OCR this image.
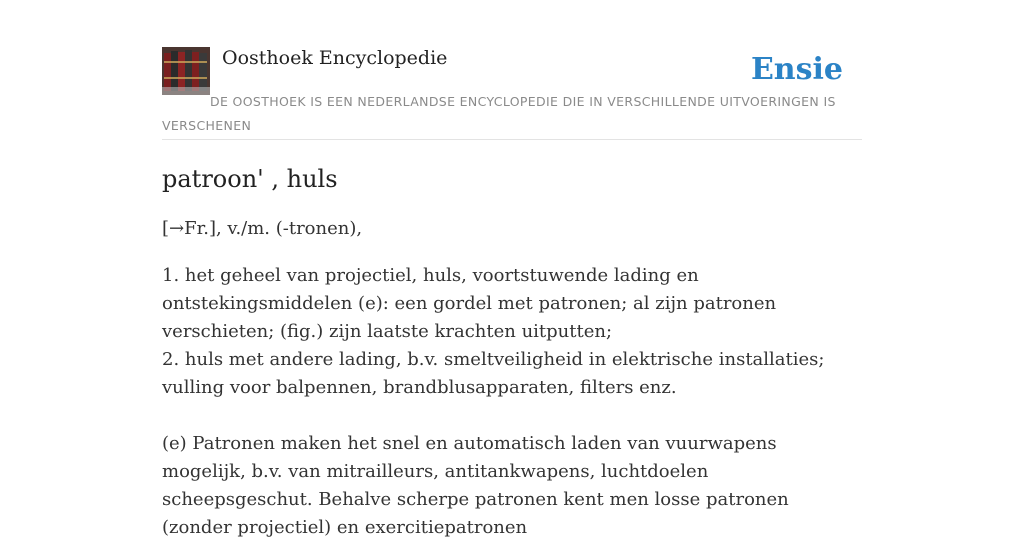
Oosthoek Encyclopedie	Ensie
DE OOSTHOEK IS EEN NEDERLANDSE ENCYCLOPEDIE DIE IN VERSCHILLENDE UITVOERINGEN IS VERSCHENEN
patroon' , huls
[→Fr.], v./m. (-tronen),

1. het geheel van projectiel, huls, voortstuwende lading en ontstekingsmiddelen (e): een gordel met patronen; al zijn patronen verschieten; (fig.) zijn laatste krachten uitputten;

2. huls met andere lading, b.v. smeltveiligheid in elektrische installaties; vulling voor balpennen, brandblusapparaten, filters enz.

(e) Patronen maken het snel en automatisch laden van vuurwapens mogelijk, b.v. van mitrailleurs, antitankwapens, luchtdoelen scheepsgeschut. Behalve scherpe patronen kent men losse patronen (zonder projectiel) en exercitiepatronen
